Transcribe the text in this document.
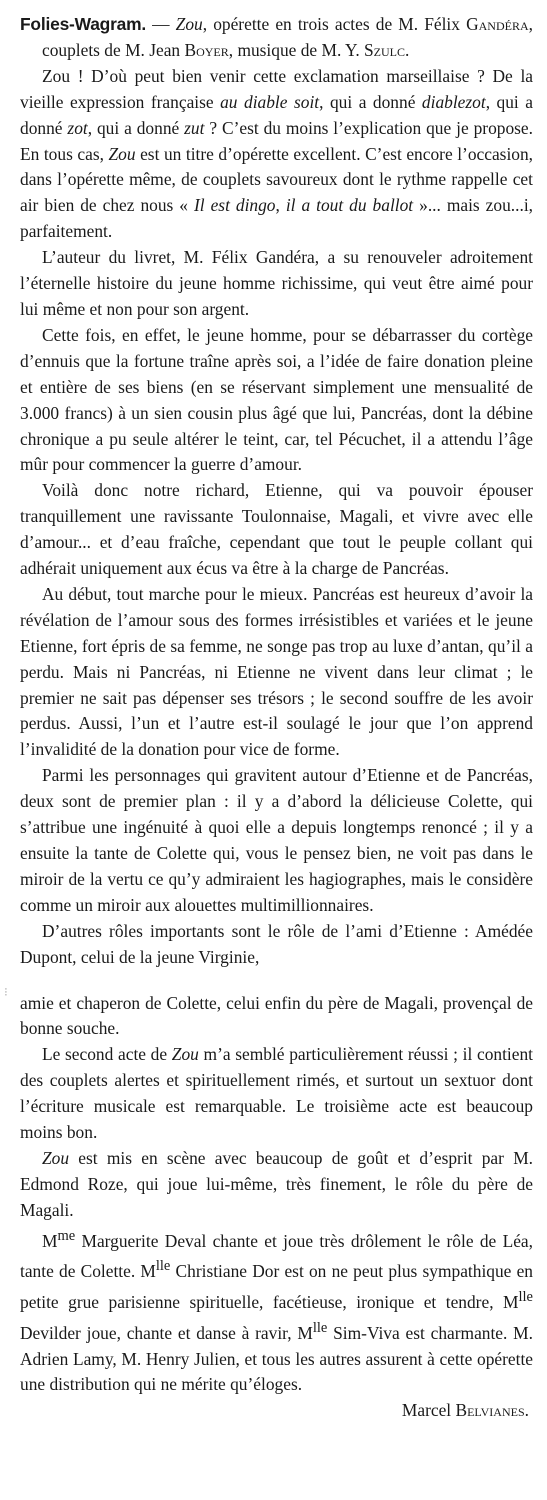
Folies-Wagram. — Zou, opérette en trois actes de M. Félix Gandéra, couplets de M. Jean Boyer, musique de M. Y. Szulc.

Zou ! D’où peut bien venir cette exclamation marseillaise ? De la vieille expression française au diable soit, qui a donné diablezot, qui a donné zot, qui a donné zut ? C’est du moins l’explication que je propose. En tous cas, Zou est un titre d’opérette excellent. C’est encore l’occasion, dans l’opérette même, de couplets savoureux dont le rythme rappelle cet air bien de chez nous « Il est dingo, il a tout du ballot »... mais zou...i, parfaitement.

L’auteur du livret, M. Félix Gandéra, a su renouveler adroitement l’éternelle histoire du jeune homme richissime, qui veut être aimé pour lui même et non pour son argent.

Cette fois, en effet, le jeune homme, pour se débarrasser du cortège d’ennuis que la fortune traîne après soi, a l’idée de faire donation pleine et entière de ses biens (en se réservant simplement une mensualité de 3.000 francs) à un sien cousin plus âgé que lui, Pancréas, dont la débine chronique a pu seule altérer le teint, car, tel Pécuchet, il a attendu l’âge mûr pour commencer la guerre d’amour.

Voilà donc notre richard, Etienne, qui va pouvoir épouser tranquillement une ravissante Toulonnaise, Magali, et vivre avec elle d’amour... et d’eau fraîche, cependant que tout le peuple collant qui adhérait uniquement aux écus va être à la charge de Pancréas.

Au début, tout marche pour le mieux. Pancréas est heureux d’avoir la révélation de l’amour sous des formes irrésistibles et variées et le jeune Etienne, fort épris de sa femme, ne songe pas trop au luxe d’antan, qu’il a perdu. Mais ni Pancréas, ni Etienne ne vivent dans leur climat ; le premier ne sait pas dépenser ses trésors ; le second souffre de les avoir perdus. Aussi, l’un et l’autre est-il soulagé le jour que l’on apprend l’invalidité de la donation pour vice de forme.

Parmi les personnages qui gravitent autour d’Etienne et de Pancréas, deux sont de premier plan : il y a d’abord la délicieuse Colette, qui s’attribue une ingénuité à quoi elle a depuis longtemps renoncé ; il y a ensuite la tante de Colette qui, vous le pensez bien, ne voit pas dans le miroir de la vertu ce qu’y admiraient les hagiographes, mais le considère comme un miroir aux alouettes multimillionnaires.

D’autres rôles importants sont le rôle de l’ami d’Etienne : Amédée Dupont, celui de la jeune Virginie,

amie et chaperon de Colette, celui enfin du père de Magali, provençal de bonne souche.

Le second acte de Zou m’a semblé particulièrement réussi ; il contient des couplets alertes et spirituellement rimés, et surtout un sextuor dont l’écriture musicale est remarquable. Le troisième acte est beaucoup moins bon.

Zou est mis en scène avec beaucoup de goût et d’esprit par M. Edmond Roze, qui joue lui-même, très finement, le rôle du père de Magali.

$M^{me}$ Marguerite Deval chante et joue très drôlement le rôle de Léa, tante de Colette. $M^{lle}$ Christiane Dor est on ne peut plus sympathique en petite grue parisienne spirituelle, facétieuse, ironique et tendre, $M^{lle}$ Devilder joue, chante et danse à ravir, $M^{lle}$ Sim-Viva est charmante. M. Adrien Lamy, M. Henry Julien, et tous les autres assurent à cette opérette une distribution qui ne mérite qu’éloges.

Marcel Belvianes.
⁝
